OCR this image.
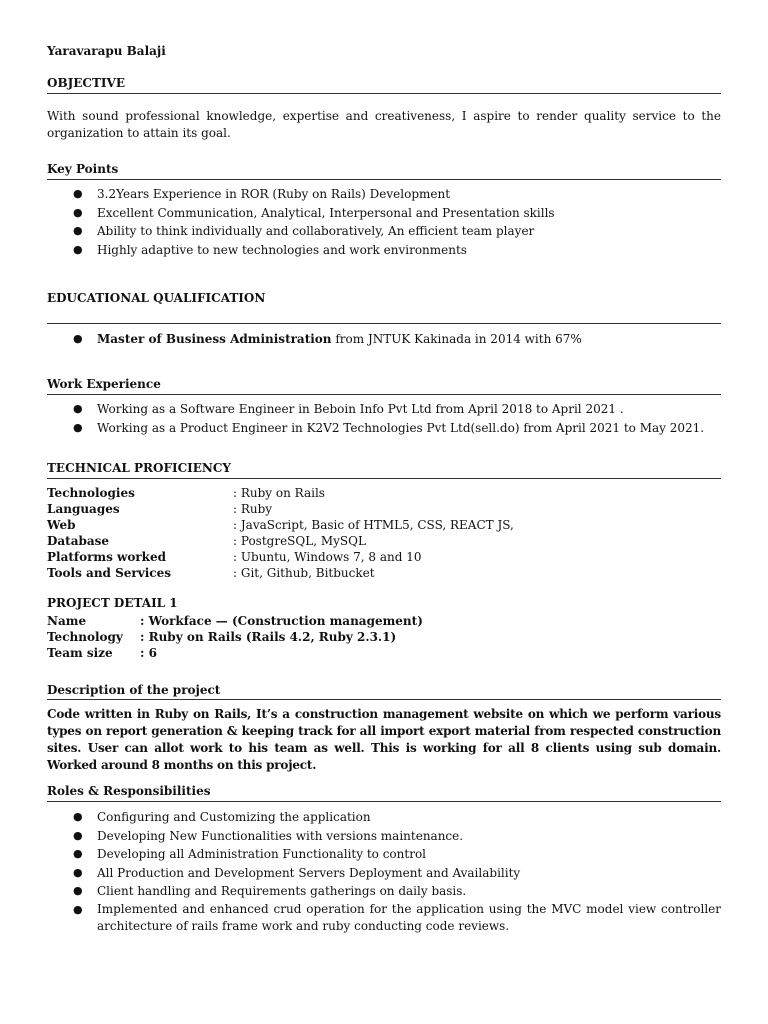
Yaravarapu Balaji
OBJECTIVE
With sound professional knowledge, expertise and creativeness, I aspire to render quality service to the organization to attain its goal.
Key Points
● 3.2Years Experience in ROR (Ruby on Rails) Development
● Excellent Communication, Analytical, Interpersonal and Presentation skills
● Ability to think individually and collaboratively, An efficient team player
● Highly adaptive to new technologies and work environments
EDUCATIONAL QUALIFICATION
● Master of Business Administration from JNTUK Kakinada in 2014 with 67%
Work Experience
● Working as a Software Engineer in Beboin Info Pvt Ltd from April 2018 to April 2021 .
● Working as a Product Engineer in K2V2 Technologies Pvt Ltd(sell.do) from April 2021 to May 2021.
TECHNICAL PROFICIENCY
Technologies	: Ruby on Rails
Languages	: Ruby
Web	: JavaScript, Basic of HTML5, CSS, REACT JS,
Database	: PostgreSQL, MySQL
Platforms worked	: Ubuntu, Windows 7, 8 and 10
Tools and Services	: Git, Github, Bitbucket
PROJECT DETAIL 1
Name	: Workface — (Construction management)
Technology : Ruby on Rails (Rails 4.2, Ruby 2.3.1)
Team size : 6
Description of the project
Code written in Ruby on Rails, It’s a construction management website on which we perform various types on report generation & keeping track for all import export material from respected construction sites. User can allot work to his team as well. This is working for all 8 clients using sub domain. Worked around 8 months on this project.
Roles & Responsibilities
● Configuring and Customizing the application
● Developing New Functionalities with versions maintenance.
● Developing all Administration Functionality to control
● All Production and Development Servers Deployment and Availability
● Client handling and Requirements gatherings on daily basis.
● Implemented and enhanced crud operation for the application using the MVC model view controller architecture of rails frame work and ruby conducting code reviews.
